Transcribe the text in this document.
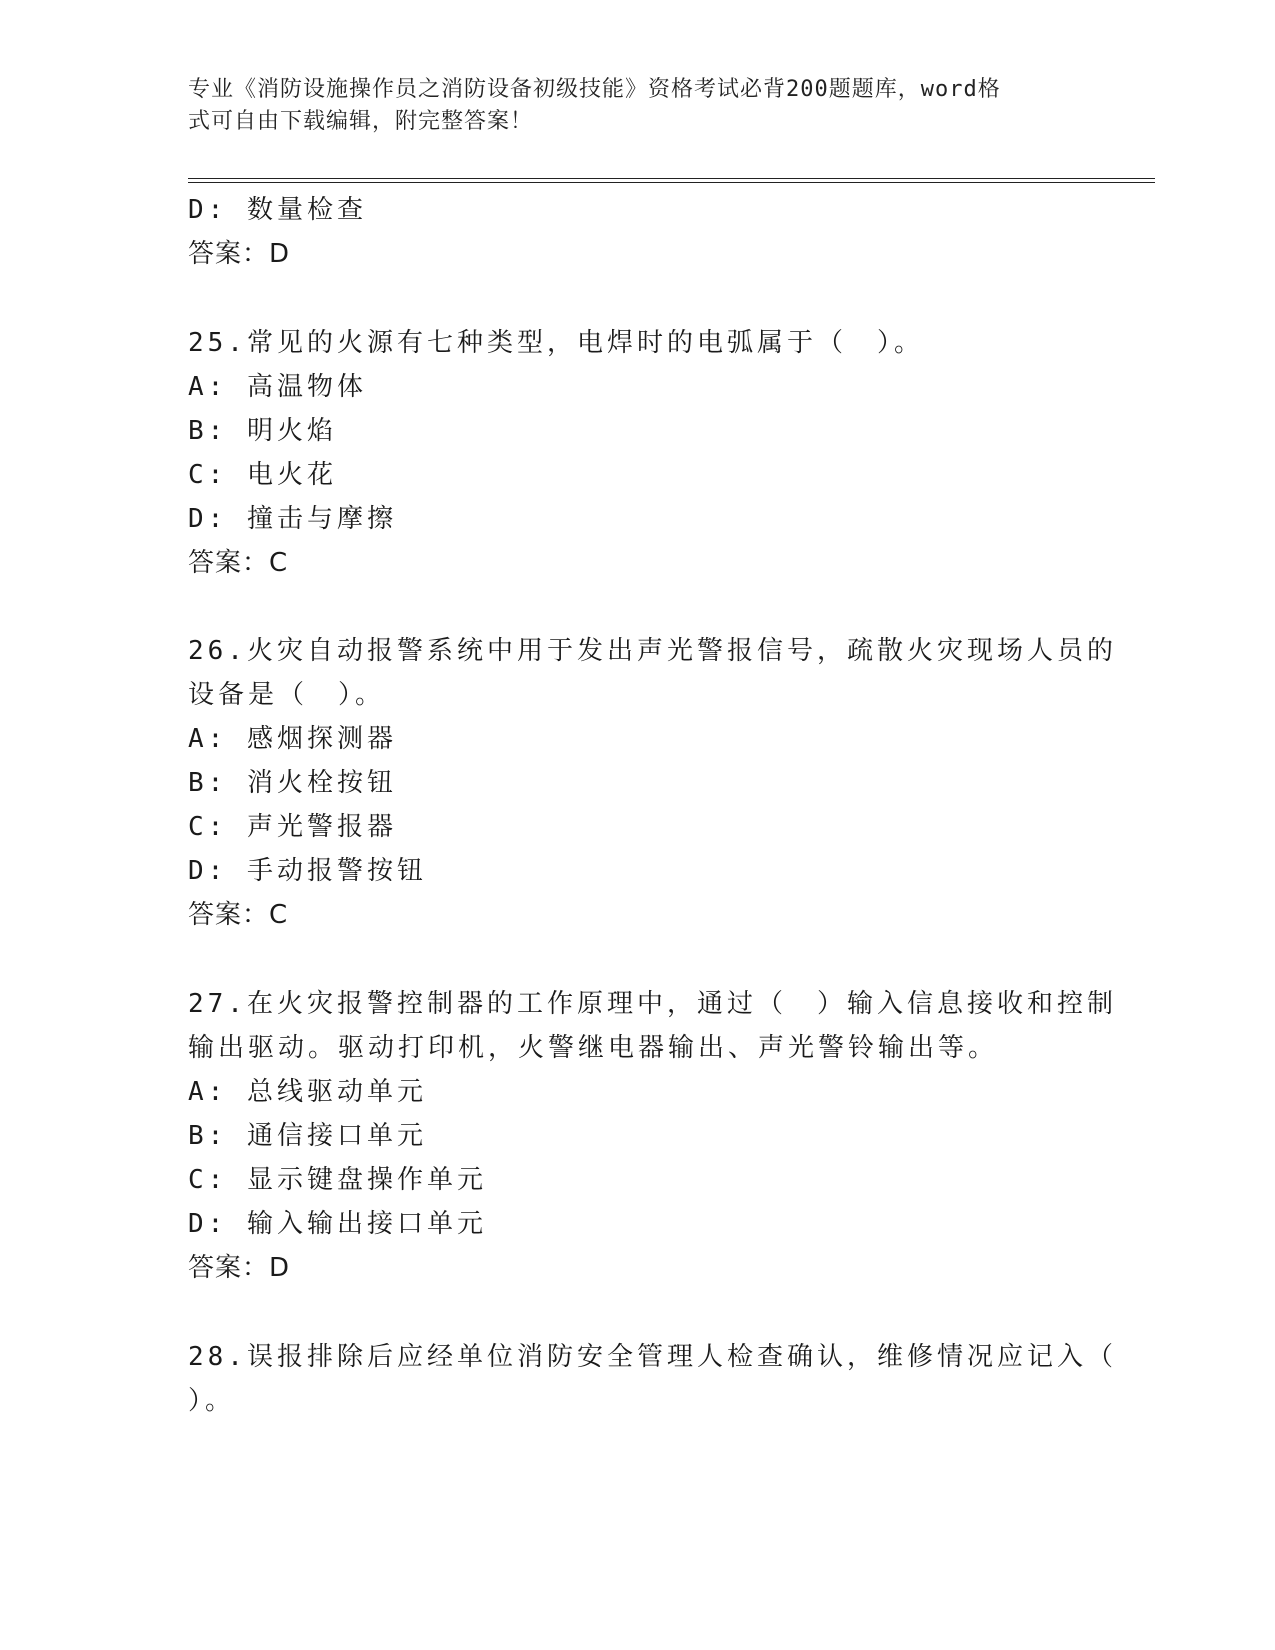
专业《消防设施操作员之消防设备初级技能》资格考试必背200题题库，word格
式可自由下载编辑，附完整答案！
D: 数量检查
答案：D
25.常见的火源有七种类型，电焊时的电弧属于（　）。
A: 高温物体
B: 明火焰
C: 电火花
D: 撞击与摩擦
答案：C
26.火灾自动报警系统中用于发出声光警报信号，疏散火灾现场人员的
设备是（　）。
A: 感烟探测器
B: 消火栓按钮
C: 声光警报器
D: 手动报警按钮
答案：C
27.在火灾报警控制器的工作原理中，通过（　）输入信息接收和控制
输出驱动。驱动打印机，火警继电器输出、声光警铃输出等。
A: 总线驱动单元
B: 通信接口单元
C: 显示键盘操作单元
D: 输入输出接口单元
答案：D
28.误报排除后应经单位消防安全管理人检查确认，维修情况应记入（
）。
